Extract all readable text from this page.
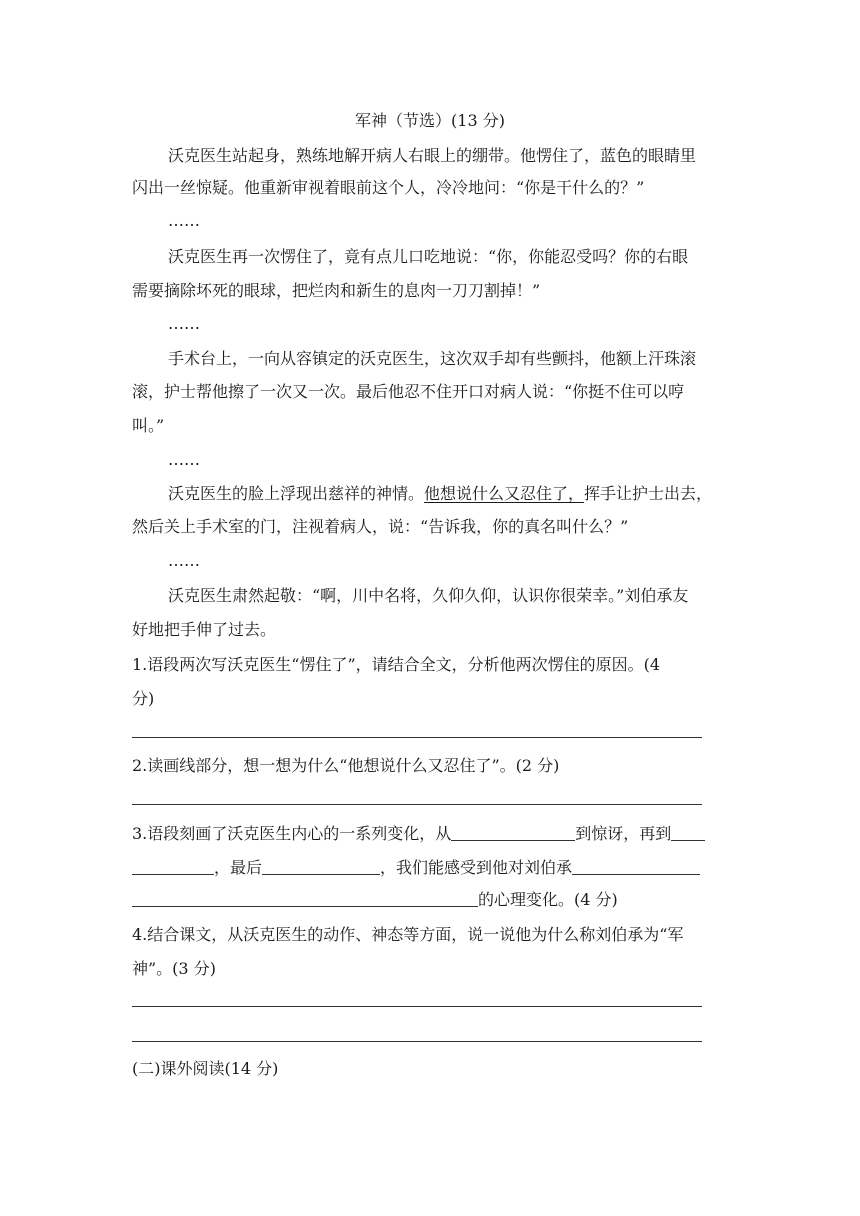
军神（节选）(13 分)
沃克医生站起身，熟练地解开病人右眼上的绷带。他愣住了，蓝色的眼睛里
闪出一丝惊疑。他重新审视着眼前这个人，冷冷地问：“你是干什么的？”
……
沃克医生再一次愣住了，竟有点儿口吃地说：“你，你能忍受吗？你的右眼
需要摘除坏死的眼球，把烂肉和新生的息肉一刀刀割掉！”
……
手术台上，一向从容镇定的沃克医生，这次双手却有些颤抖，他额上汗珠滚
滚，护士帮他擦了一次又一次。最后他忍不住开口对病人说：“你挺不住可以哼
叫。”
……
沃克医生的脸上浮现出慈祥的神情。他想说什么又忍住了，挥手让护士出去，
然后关上手术室的门，注视着病人，说：“告诉我，你的真名叫什么？”
……
沃克医生肃然起敬：“啊，川中名将，久仰久仰，认识你很荣幸。”刘伯承友
好地把手伸了过去。
1.语段两次写沃克医生“愣住了”，请结合全文，分析他两次愣住的原因。(4
分)
2.读画线部分，想一想为什么“他想说什么又忍住了”。(2 分)
3.语段刻画了沃克医生内心的一系列变化，从	到惊讶，再到
，最后	，我们能感受到他对刘伯承
的心理变化。(4 分)
4.结合课文，从沃克医生的动作、神态等方面，说一说他为什么称刘伯承为“军
神”。(3 分)
(二)课外阅读(14 分)
